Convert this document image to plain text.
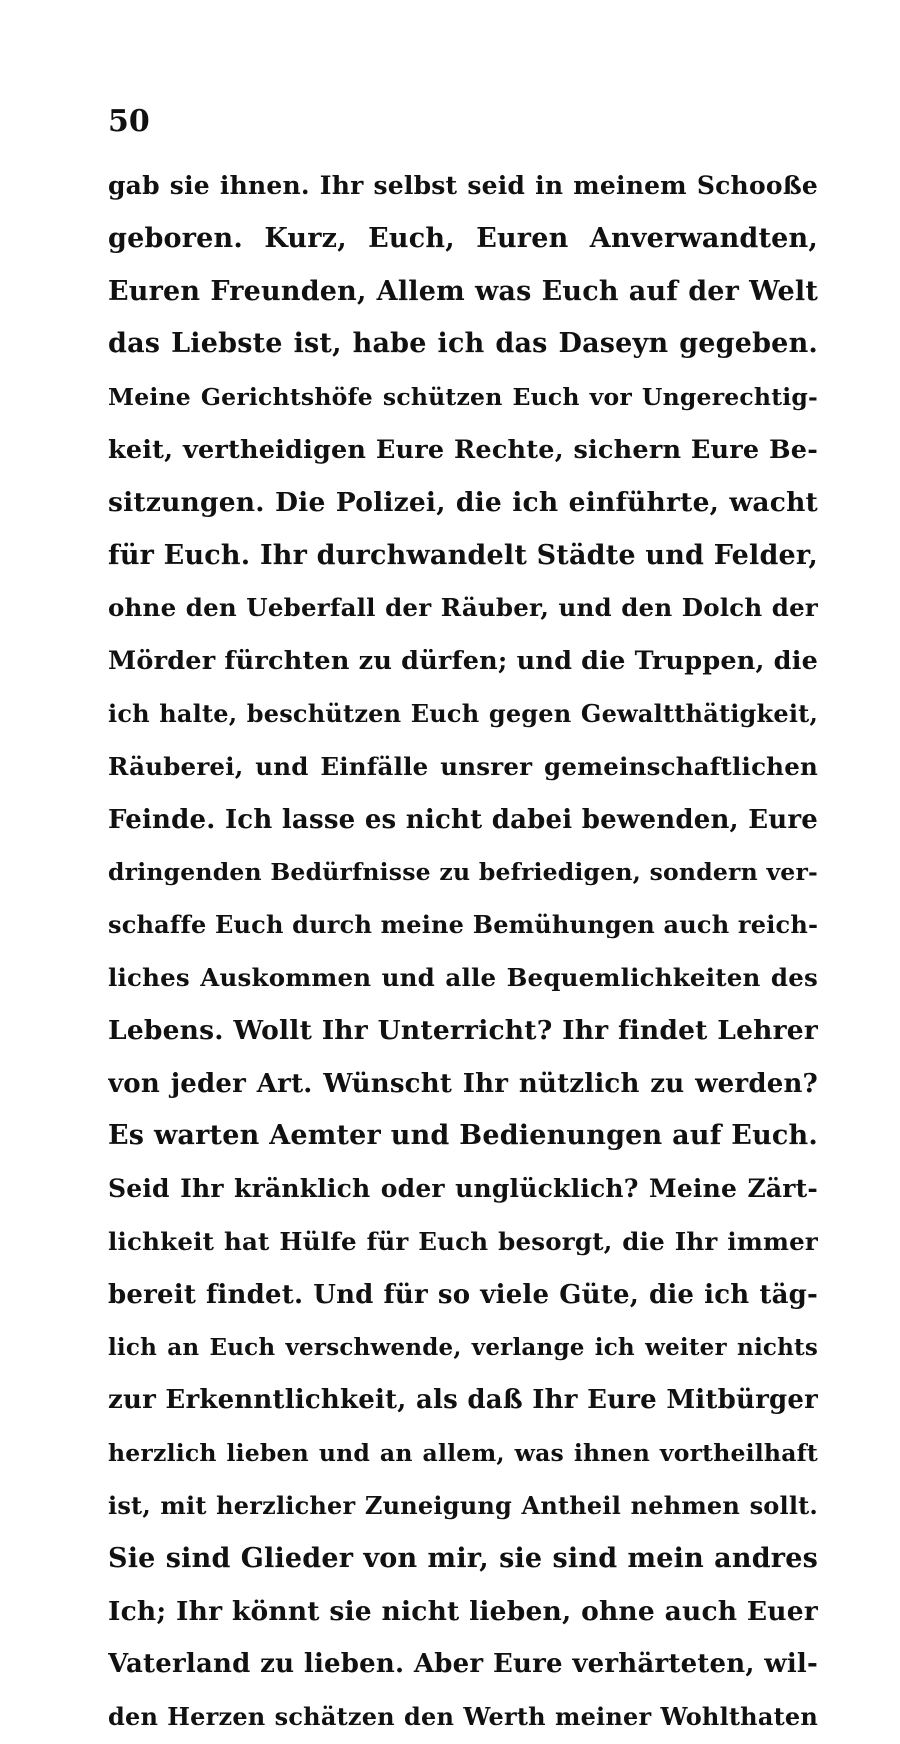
50
gab sie ihnen. Ihr selbst seid in meinem Schooße
geboren. Kurz, Euch, Euren Anverwandten,
Euren Freunden, Allem was Euch auf der Welt
das Liebste ist, habe ich das Daseyn gegeben.
Meine Gerichtshöfe schützen Euch vor Ungerechtig-
keit, vertheidigen Eure Rechte, sichern Eure Be-
sitzungen. Die Polizei, die ich einführte, wacht
für Euch. Ihr durchwandelt Städte und Felder,
ohne den Ueberfall der Räuber, und den Dolch der
Mörder fürchten zu dürfen; und die Truppen, die
ich halte, beschützen Euch gegen Gewaltthätigkeit,
Räuberei, und Einfälle unsrer gemeinschaftlichen
Feinde. Ich lasse es nicht dabei bewenden, Eure
dringenden Bedürfnisse zu befriedigen, sondern ver-
schaffe Euch durch meine Bemühungen auch reich-
liches Auskommen und alle Bequemlichkeiten des
Lebens. Wollt Ihr Unterricht? Ihr findet Lehrer
von jeder Art. Wünscht Ihr nützlich zu werden?
Es warten Aemter und Bedienungen auf Euch.
Seid Ihr kränklich oder unglücklich? Meine Zärt-
lichkeit hat Hülfe für Euch besorgt, die Ihr immer
bereit findet. Und für so viele Güte, die ich täg-
lich an Euch verschwende, verlange ich weiter nichts
zur Erkenntlichkeit, als daß Ihr Eure Mitbürger
herzlich lieben und an allem, was ihnen vortheilhaft
ist, mit herzlicher Zuneigung Antheil nehmen sollt.
Sie sind Glieder von mir, sie sind mein andres
Ich; Ihr könnt sie nicht lieben, ohne auch Euer
Vaterland zu lieben. Aber Eure verhärteten, wil-
den Herzen schätzen den Werth meiner Wohlthaten
